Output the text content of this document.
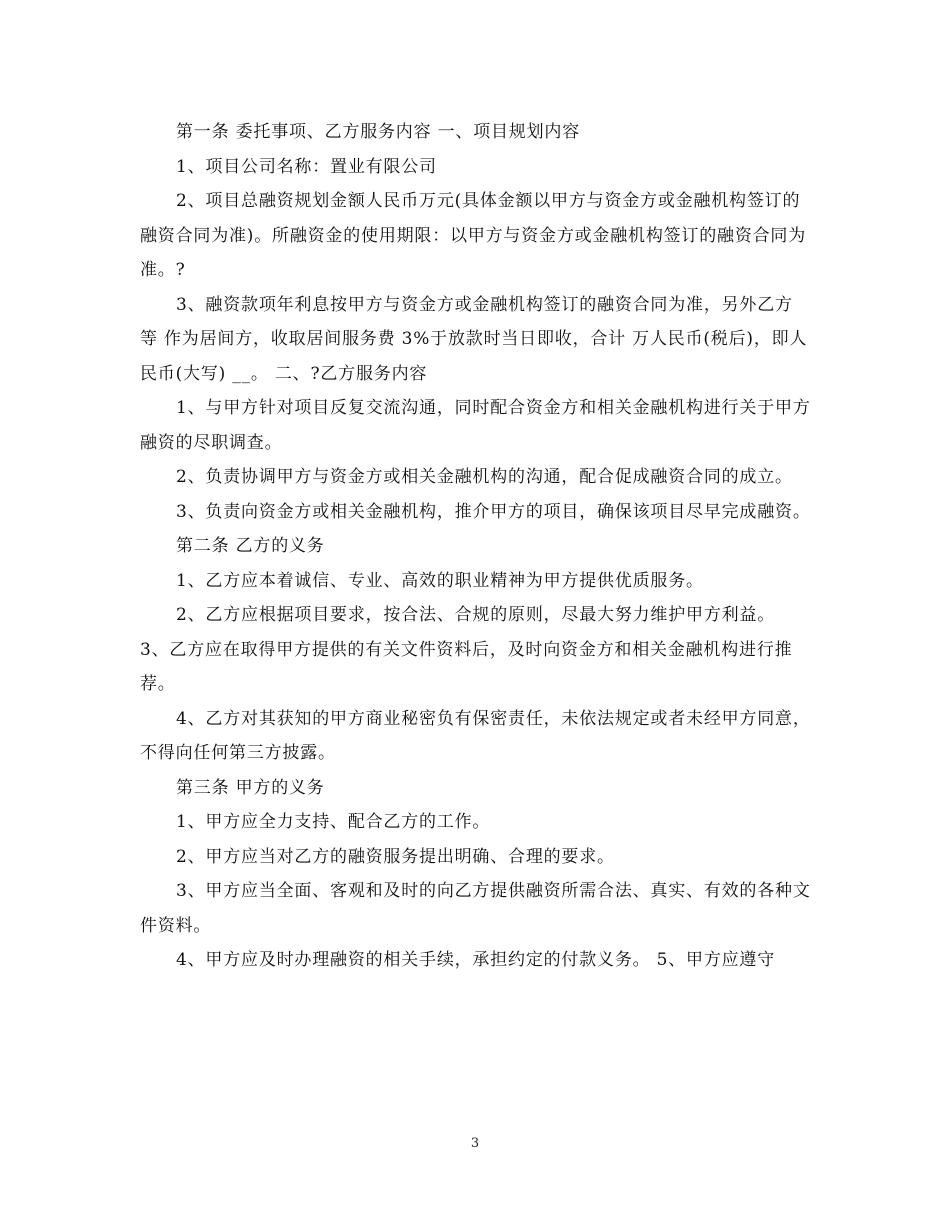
第一条 委托事项、乙方服务内容 一、项目规划内容

1、项目公司名称：置业有限公司

2、项目总融资规划金额人民币万元(具体金额以甲方与资金方或金融机构签订的融资合同为准)。所融资金的使用期限：以甲方与资金方或金融机构签订的融资合同为准。?

3、融资款项年利息按甲方与资金方或金融机构签订的融资合同为准，另外乙方 等 作为居间方，收取居间服务费 3%于放款时当日即收，合计 万人民币(税后)，即人民币(大写) __。 二、?乙方服务内容

1、与甲方针对项目反复交流沟通，同时配合资金方和相关金融机构进行关于甲方融资的尽职调查。

2、负责协调甲方与资金方或相关金融机构的沟通，配合促成融资合同的成立。

3、负责向资金方或相关金融机构，推介甲方的项目，确保该项目尽早完成融资。

第二条 乙方的义务

1、乙方应本着诚信、专业、高效的职业精神为甲方提供优质服务。

2、乙方应根据项目要求，按合法、合规的原则，尽最大努力维护甲方利益。

3、乙方应在取得甲方提供的有关文件资料后，及时向资金方和相关金融机构进行推荐。

4、乙方对其获知的甲方商业秘密负有保密责任，未依法规定或者未经甲方同意，不得向任何第三方披露。

第三条 甲方的义务

1、甲方应全力支持、配合乙方的工作。

2、甲方应当对乙方的融资服务提出明确、合理的要求。

3、甲方应当全面、客观和及时的向乙方提供融资所需合法、真实、有效的各种文件资料。

4、甲方应及时办理融资的相关手续，承担约定的付款义务。 5、甲方应遵守

3
